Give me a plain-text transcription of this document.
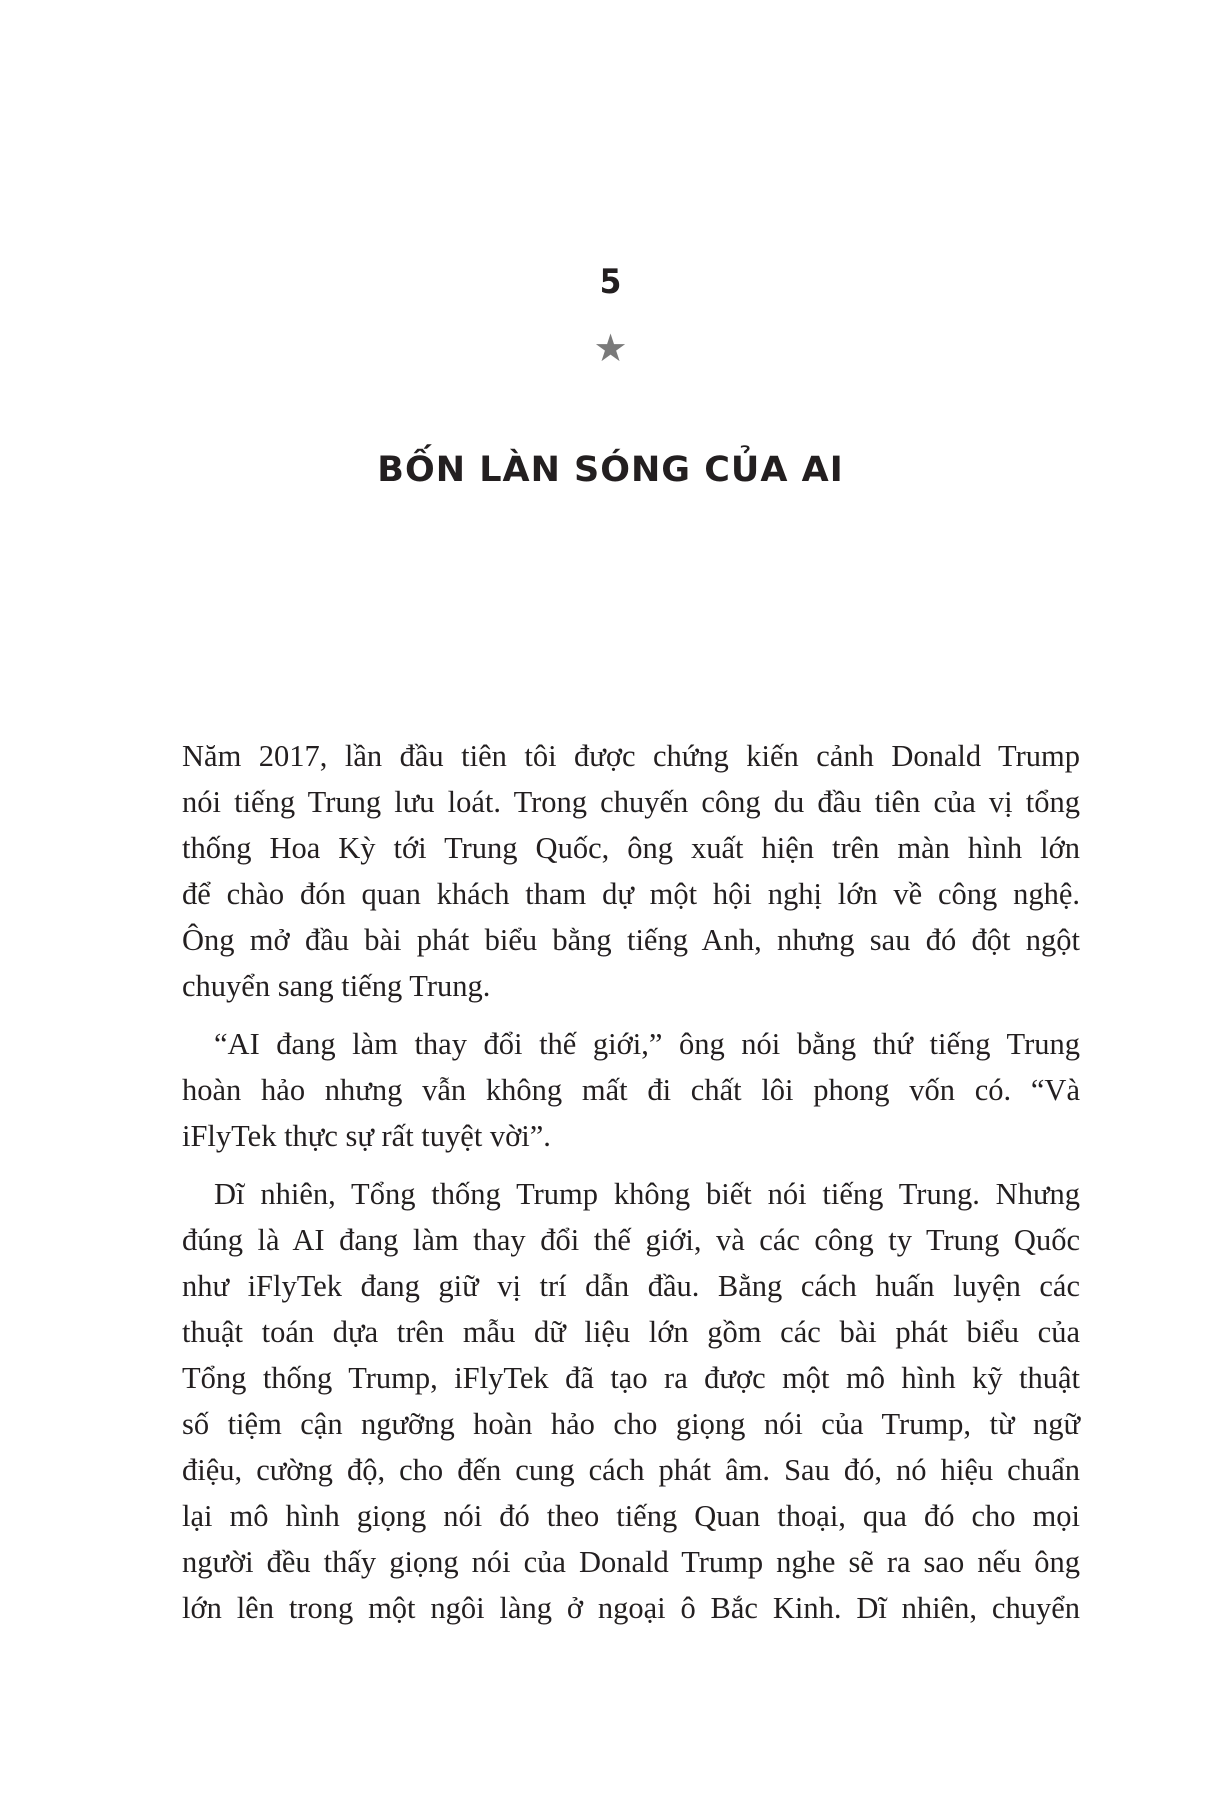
5
★
BỐN LÀN SÓNG CỦA AI
Năm 2017, lần đầu tiên tôi được chứng kiến cảnh Donald Trump
nói tiếng Trung lưu loát. Trong chuyến công du đầu tiên của vị tổng
thống Hoa Kỳ tới Trung Quốc, ông xuất hiện trên màn hình lớn
để chào đón quan khách tham dự một hội nghị lớn về công nghệ.
Ông mở đầu bài phát biểu bằng tiếng Anh, nhưng sau đó đột ngột
chuyển sang tiếng Trung.
“AI đang làm thay đổi thế giới,” ông nói bằng thứ tiếng Trung
hoàn hảo nhưng vẫn không mất đi chất lôi phong vốn có. “Và
iFlyTek thực sự rất tuyệt vời”.
Dĩ nhiên, Tổng thống Trump không biết nói tiếng Trung. Nhưng
đúng là AI đang làm thay đổi thế giới, và các công ty Trung Quốc
như iFlyTek đang giữ vị trí dẫn đầu. Bằng cách huấn luyện các
thuật toán dựa trên mẫu dữ liệu lớn gồm các bài phát biểu của
Tổng thống Trump, iFlyTek đã tạo ra được một mô hình kỹ thuật
số tiệm cận ngưỡng hoàn hảo cho giọng nói của Trump, từ ngữ
điệu, cường độ, cho đến cung cách phát âm. Sau đó, nó hiệu chuẩn
lại mô hình giọng nói đó theo tiếng Quan thoại, qua đó cho mọi
người đều thấy giọng nói của Donald Trump nghe sẽ ra sao nếu ông
lớn lên trong một ngôi làng ở ngoại ô Bắc Kinh. Dĩ nhiên, chuyển
